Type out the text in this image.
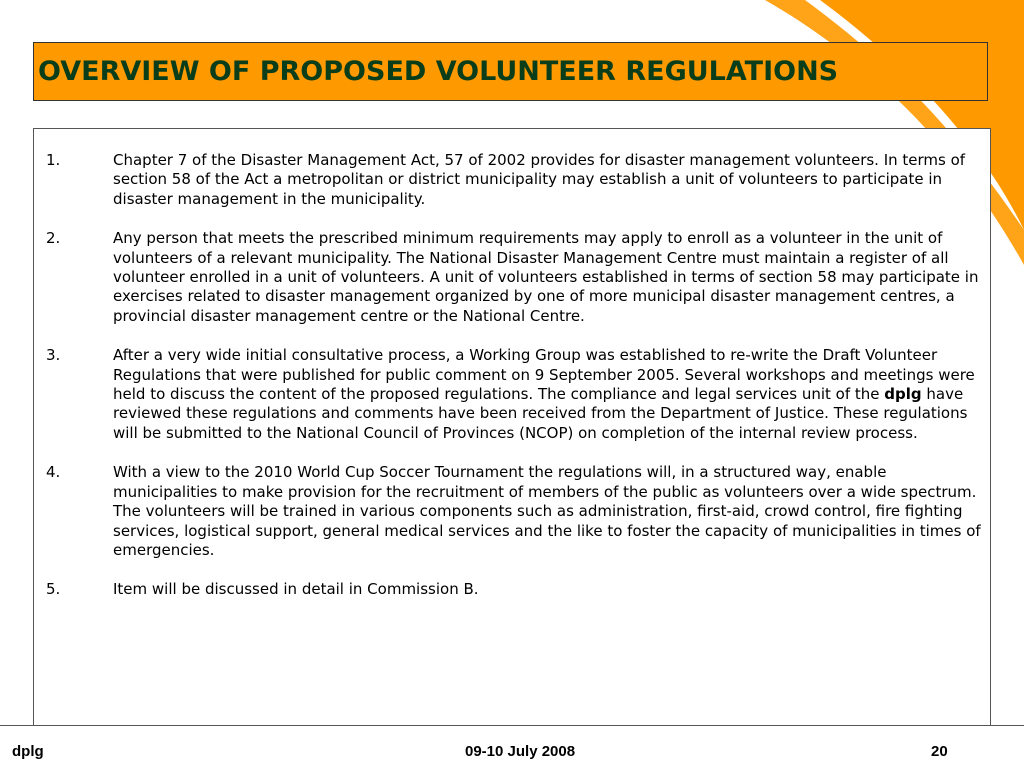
OVERVIEW OF PROPOSED VOLUNTEER REGULATIONS
1.	Chapter 7 of the Disaster Management Act, 57 of 2002 provides for disaster management volunteers. In terms of section 58 of the Act a metropolitan or district municipality may establish a unit of volunteers to participate in disaster management in the municipality.
2.	Any person that meets the prescribed minimum requirements may apply to enroll as a volunteer in the unit of volunteers of a relevant municipality. The National Disaster Management Centre must maintain a register of all volunteer enrolled in a unit of volunteers. A unit of volunteers established in terms of section 58 may participate in exercises related to disaster management organized by one of more municipal disaster management centres, a provincial disaster management centre or the National Centre.
3.	After a very wide initial consultative process, a Working Group was established to re-write the Draft Volunteer Regulations that were published for public comment on 9 September 2005. Several workshops and meetings were held to discuss the content of the proposed regulations. The compliance and legal services unit of the dplg have reviewed these regulations and comments have been received from the Department of Justice. These regulations will be submitted to the National Council of Provinces (NCOP) on completion of the internal review process.
4.	With a view to the 2010 World Cup Soccer Tournament the regulations will, in a structured way, enable municipalities to make provision for the recruitment of members of the public as volunteers over a wide spectrum. The volunteers will be trained in various components such as administration, first-aid, crowd control, fire fighting services, logistical support, general medical services and the like to foster the capacity of municipalities in times of emergencies.
5.	Item will be discussed in detail in Commission B.
dplg	09-10 July 2008	20
